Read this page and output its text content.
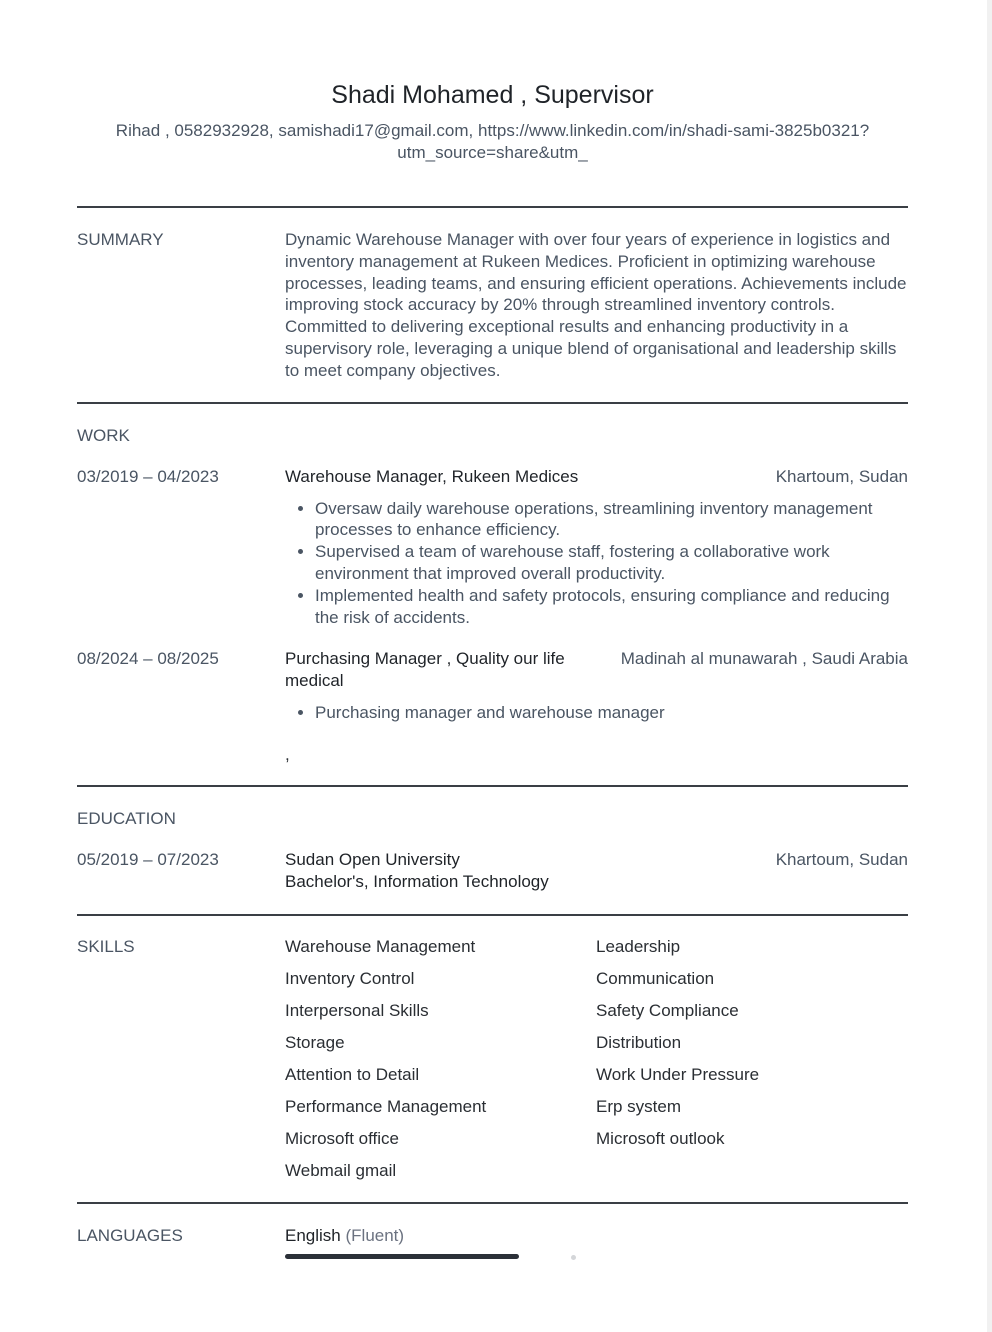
Shadi Mohamed , Supervisor
Rihad , 0582932928, samishadi17@gmail.com, https://www.linkedin.com/in/shadi-sami-3825b0321?
utm_source=share&utm_
SUMMARY	Dynamic Warehouse Manager with over four years of experience in logistics and inventory management at Rukeen Medices. Proficient in optimizing warehouse processes, leading teams, and ensuring efficient operations. Achievements include improving stock accuracy by 20% through streamlined inventory controls. Committed to delivering exceptional results and enhancing productivity in a supervisory role, leveraging a unique blend of organisational and leadership skills to meet company objectives.

WORK
03/2019 – 04/2023	Warehouse Manager, Rukeen Medices	Khartoum, Sudan
• Oversaw daily warehouse operations, streamlining inventory management processes to enhance efficiency.
• Supervised a team of warehouse staff, fostering a collaborative work environment that improved overall productivity.
• Implemented health and safety protocols, ensuring compliance and reducing the risk of accidents.
08/2024 – 08/2025	Purchasing Manager , Quality our life medical
Madinah al munawarah , Saudi Arabia
• Purchasing manager and warehouse manager
,
EDUCATION
05/2019 – 07/2023	Sudan Open University	Khartoum, Sudan
Bachelor's, Information Technology
SKILLS	Warehouse Management	Leadership
Inventory Control	Communication
Interpersonal Skills	Safety Compliance
Storage	Distribution
Attention to Detail	Work Under Pressure
Performance Management	Erp system
Microsoft office	Microsoft outlook
Webmail gmail
LANGUAGES	English (Fluent)
